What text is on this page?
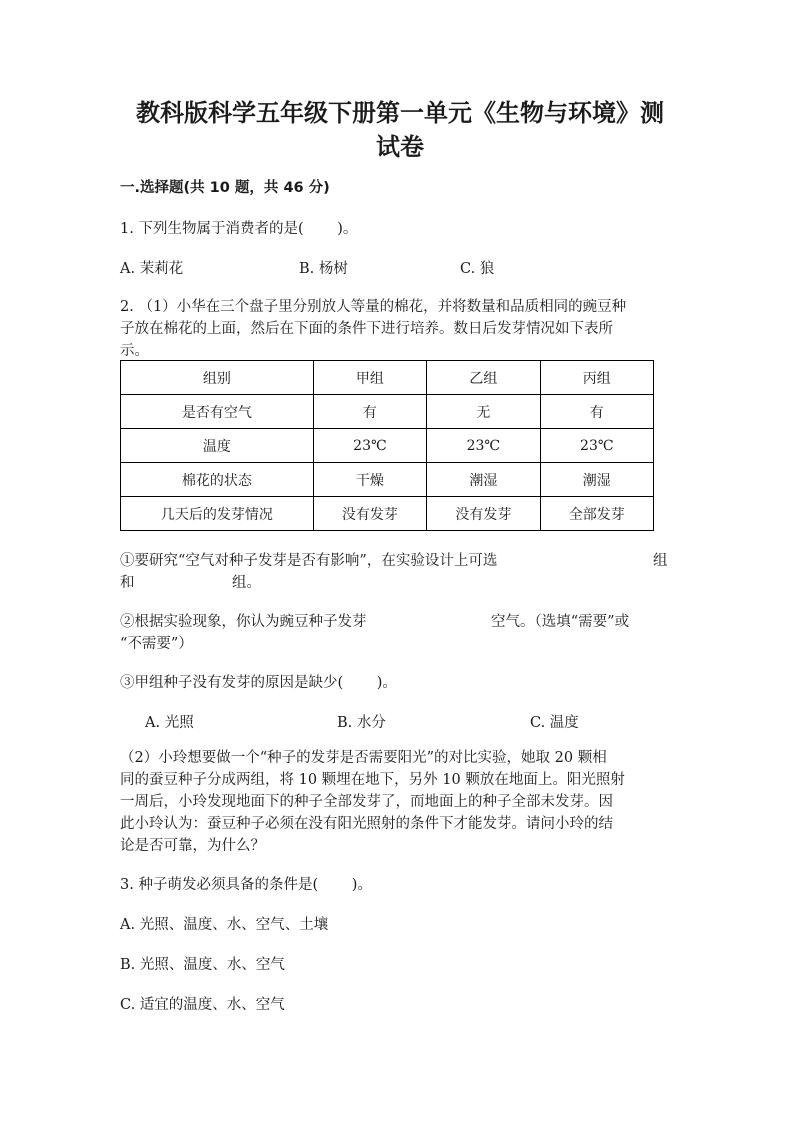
教科版科学五年级下册第一单元《生物与环境》测
试卷
一.选择题(共 10 题，共 46 分)
1. 下列生物属于消费者的是(　　 )。
A. 茉莉花	B. 杨树	C. 狼
2. （1）小华在三个盘子里分别放人等量的棉花，并将数量和品质相同的豌豆种
子放在棉花的上面，然后在下面的条件下进行培养。数日后发芽情况如下表所
示。
组别	甲组	乙组	丙组
是否有空气	有	无	有
温度	23℃	23℃	23℃
棉花的状态	干燥	潮湿	潮湿
几天后的发芽情况	没有发芽	没有发芽	全部发芽
①要研究“空气对种子发芽是否有影响”，在实验设计上可选	组
和	组。
②根据实验现象，你认为豌豆种子发芽	空气。（选填“需要”或
“不需要”）
③甲组种子没有发芽的原因是缺少(　　 )。
A. 光照	B. 水分	C. 温度
（2）小玲想要做一个“种子的发芽是否需要阳光”的对比实验，她取 20 颗相
同的蚕豆种子分成两组，将 10 颗埋在地下，另外 10 颗放在地面上。阳光照射
一周后，小玲发现地面下的种子全部发芽了，而地面上的种子全部未发芽。因
此小玲认为：蚕豆种子必须在没有阳光照射的条件下才能发芽。请问小玲的结
论是否可靠，为什么？
3. 种子萌发必须具备的条件是(　　 )。
A. 光照、温度、水、空气、土壤
B. 光照、温度、水、空气
C. 适宜的温度、水、空气
